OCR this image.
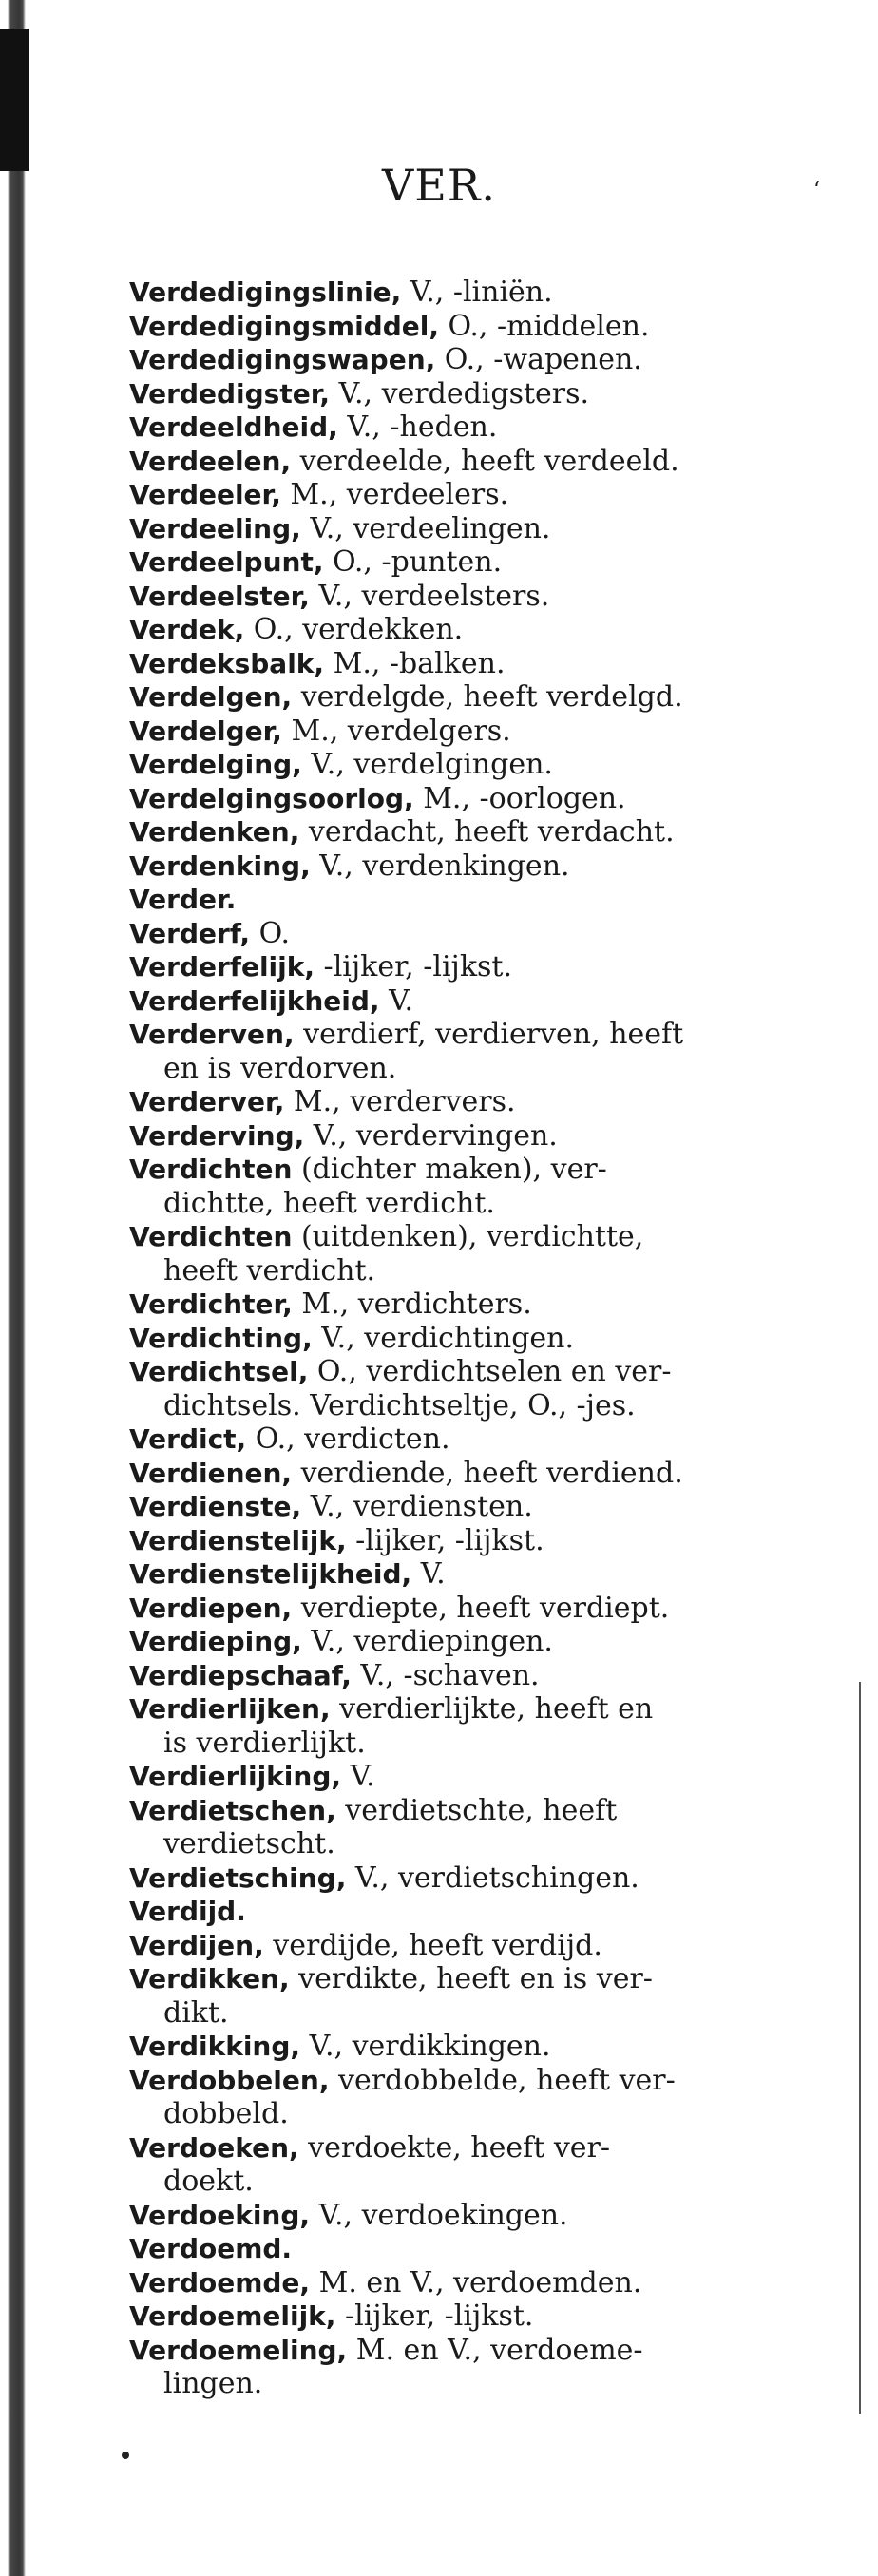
VER.	‘
Verdedigingslinie, V., -liniën.
Verdedigingsmiddel, O., -middelen.
Verdedigingswapen, O., -wapenen.
Verdedigster, V., verdedigsters.
Verdeeldheid, V., -heden.
Verdeelen, verdeelde, heeft verdeeld.
Verdeeler, M., verdeelers.
Verdeeling, V., verdeelingen.
Verdeelpunt, O., -punten.
Verdeelster, V., verdeelsters.
Verdek, O., verdekken.
Verdeksbalk, M., -balken.
Verdelgen, verdelgde, heeft verdelgd.
Verdelger, M., verdelgers.
Verdelging, V., verdelgingen.
Verdelgingsoorlog, M., -oorlogen.
Verdenken, verdacht, heeft verdacht.
Verdenking, V., verdenkingen.
Verder.
Verderf, O.
Verderfelijk, -lijker, -lijkst.
Verderfelijkheid, V.
Verderven, verdierf, verdierven, heeft
en is verdorven.
Verderver, M., verdervers.
Verderving, V., verdervingen.
Verdichten (dichter maken), ver-
dichtte, heeft verdicht.
Verdichten (uitdenken), verdichtte,
heeft verdicht.
Verdichter, M., verdichters.
Verdichting, V., verdichtingen.
Verdichtsel, O., verdichtselen en ver-
dichtsels. Verdichtseltje, O., -jes.
Verdict, O., verdicten.
Verdienen, verdiende, heeft verdiend.
Verdienste, V., verdiensten.
Verdienstelijk, -lijker, -lijkst.
Verdienstelijkheid, V.
Verdiepen, verdiepte, heeft verdiept.
Verdieping, V., verdiepingen.
Verdiepschaaf, V., -schaven.
Verdierlijken, verdierlijkte, heeft en
is verdierlijkt.
Verdierlijking, V.
Verdietschen, verdietschte, heeft
verdietscht.
Verdietsching, V., verdietschingen.
Verdijd.
Verdijen, verdijde, heeft verdijd.
Verdikken, verdikte, heeft en is ver-
dikt.
Verdikking, V., verdikkingen.
Verdobbelen, verdobbelde, heeft ver-
dobbeld.
Verdoeken, verdoekte, heeft ver-
doekt.
Verdoeking, V., verdoekingen.
Verdoemd.
Verdoemde, M. en V., verdoemden.
Verdoemelijk, -lijker, -lijkst.
Verdoemeling, M. en V., verdoeme-
lingen.
